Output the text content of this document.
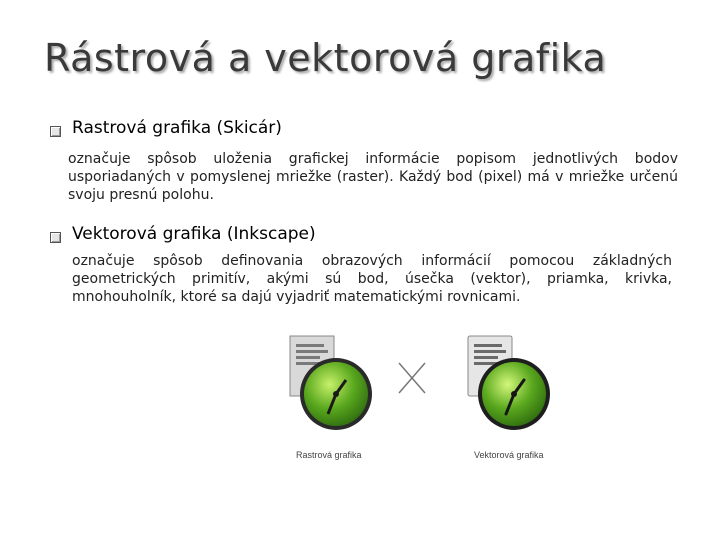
Rástrová a vektorová grafika
Rastrová grafika (Skicár)
označuje spôsob uloženia grafickej informácie popisom jednotlivých bodov usporiadaných v pomyslenej mriežke (raster). Každý bod (pixel) má v mriežke určenú svoju presnú polohu.
Vektorová grafika (Inkscape)
označuje spôsob definovania obrazových informácií pomocou základných geometrických primitív, akými sú bod, úsečka (vektor), priamka, krivka, mnohouholník, ktoré sa dajú vyjadriť matematickými rovnicami.
Rastrová grafika	Vektorová grafika
